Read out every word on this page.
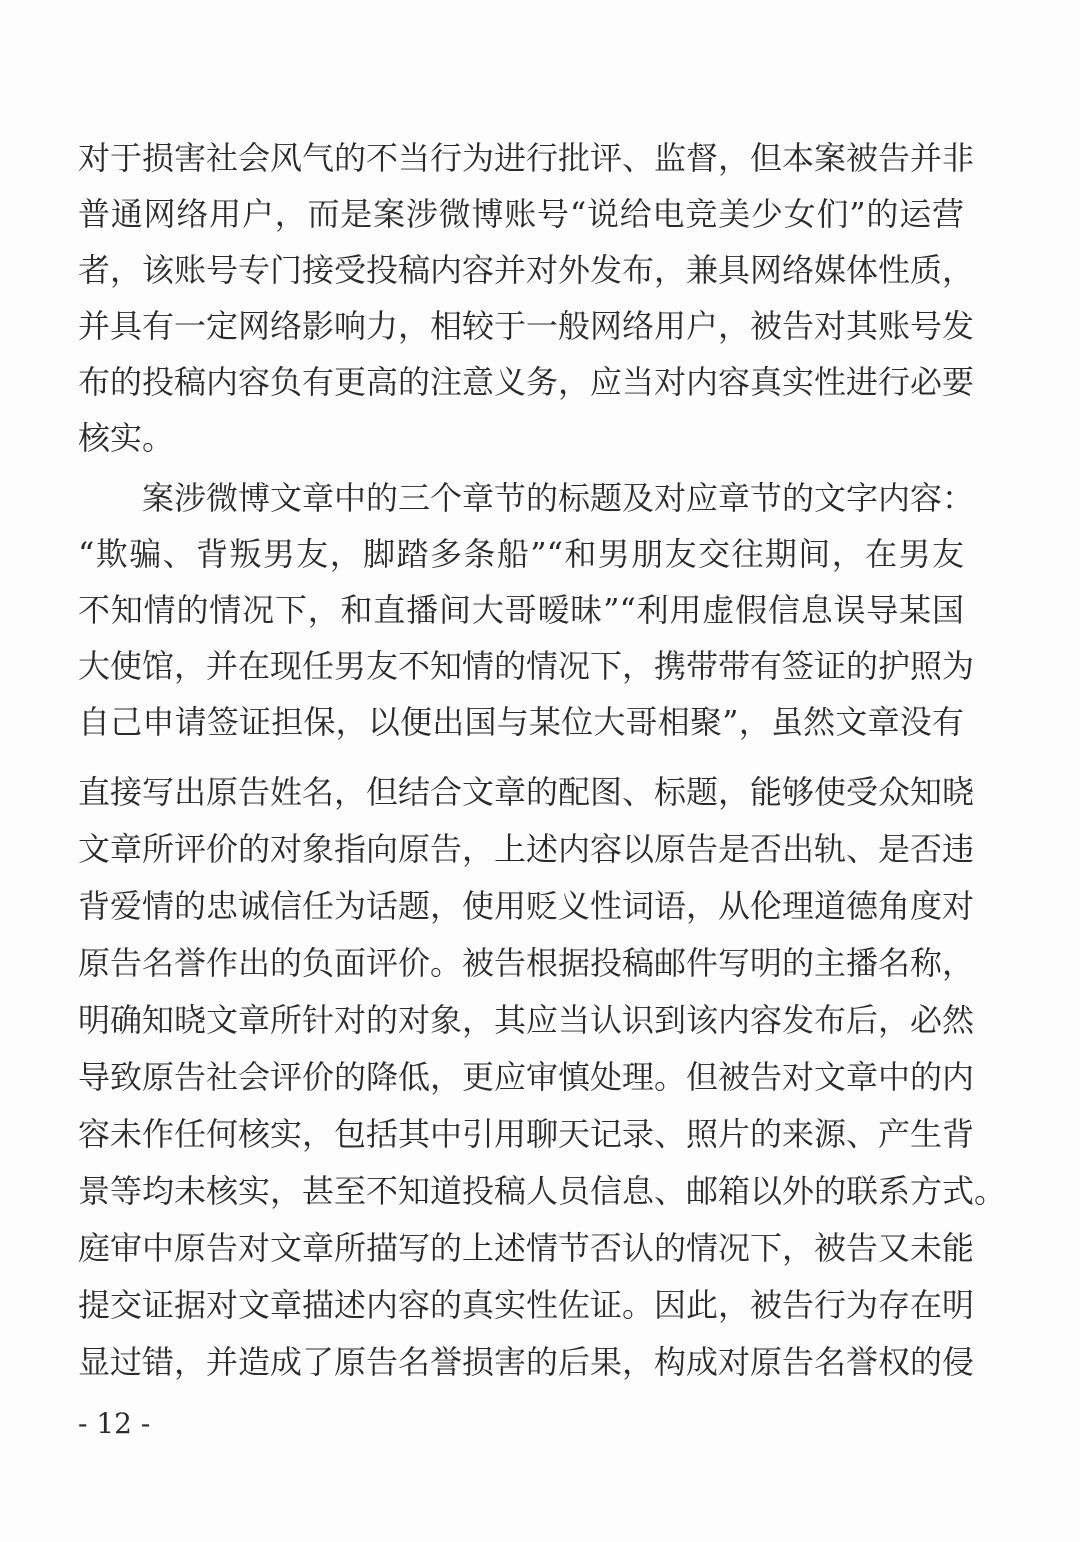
对于损害社会风气的不当行为进行批评、监督，但本案被告并非
普通网络用户，而是案涉微博账号“说给电竞美少女们”的运营
者，该账号专门接受投稿内容并对外发布，兼具网络媒体性质，
并具有一定网络影响力，相较于一般网络用户，被告对其账号发
布的投稿内容负有更高的注意义务，应当对内容真实性进行必要
核实。
案涉微博文章中的三个章节的标题及对应章节的文字内容：
“欺骗、背叛男友，脚踏多条船”“和男朋友交往期间，在男友
不知情的情况下，和直播间大哥暧昧”“利用虚假信息误导某国
大使馆，并在现任男友不知情的情况下，携带带有签证的护照为
自己申请签证担保，以便出国与某位大哥相聚”，虽然文章没有
直接写出原告姓名，但结合文章的配图、标题，能够使受众知晓
文章所评价的对象指向原告，上述内容以原告是否出轨、是否违
背爱情的忠诚信任为话题，使用贬义性词语，从伦理道德角度对
原告名誉作出的负面评价。被告根据投稿邮件写明的主播名称，
明确知晓文章所针对的对象，其应当认识到该内容发布后，必然
导致原告社会评价的降低，更应审慎处理。但被告对文章中的内
容未作任何核实，包括其中引用聊天记录、照片的来源、产生背
景等均未核实，甚至不知道投稿人员信息、邮箱以外的联系方式。
庭审中原告对文章所描写的上述情节否认的情况下，被告又未能
提交证据对文章描述内容的真实性佐证。因此，被告行为存在明
显过错，并造成了原告名誉损害的后果，构成对原告名誉权的侵
- 12 -
